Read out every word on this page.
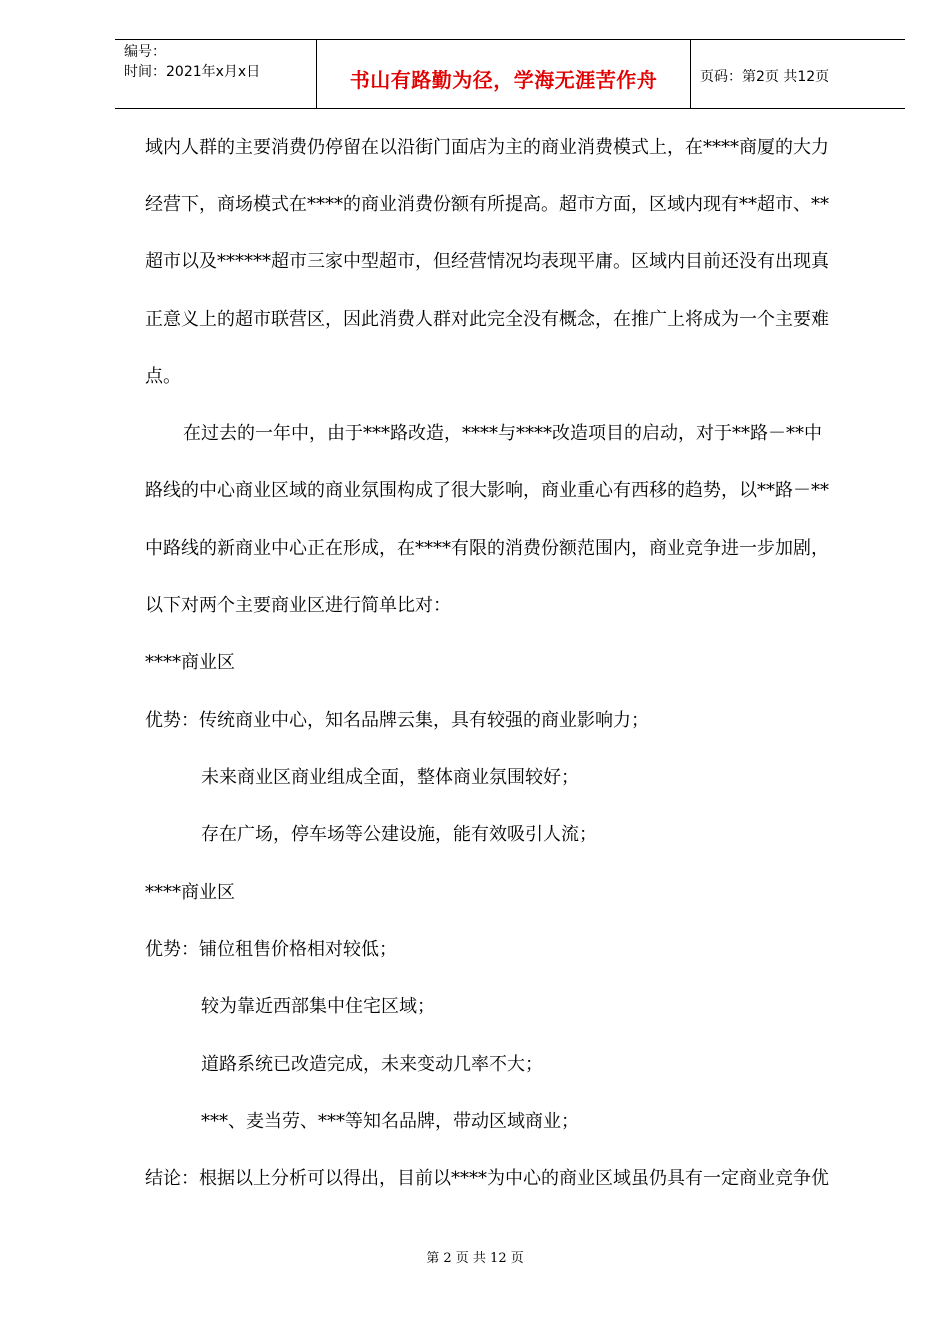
编号：
时间：2021年x月x日	书山有路勤为径，学海无涯苦作舟	页码：第2页 共12页
域内人群的主要消费仍停留在以沿街门面店为主的商业消费模式上，在****商厦的大力
经营下，商场模式在****的商业消费份额有所提高。超市方面，区域内现有**超市、**
超市以及******超市三家中型超市，但经营情况均表现平庸。区域内目前还没有出现真
正意义上的超市联营区，因此消费人群对此完全没有概念，在推广上将成为一个主要难
点。
在过去的一年中，由于***路改造，****与****改造项目的启动，对于**路－**中
路线的中心商业区域的商业氛围构成了很大影响，商业重心有西移的趋势，以**路－**
中路线的新商业中心正在形成，在****有限的消费份额范围内，商业竞争进一步加剧，
以下对两个主要商业区进行简单比对：
****商业区
优势：传统商业中心，知名品牌云集，具有较强的商业影响力；
未来商业区商业组成全面，整体商业氛围较好；
存在广场，停车场等公建设施，能有效吸引人流；
****商业区
优势：铺位租售价格相对较低；
较为靠近西部集中住宅区域；
道路系统已改造完成，未来变动几率不大；
***、麦当劳、***等知名品牌，带动区域商业；
结论：根据以上分析可以得出，目前以****为中心的商业区域虽仍具有一定商业竞争优
第 2 页 共 12 页
